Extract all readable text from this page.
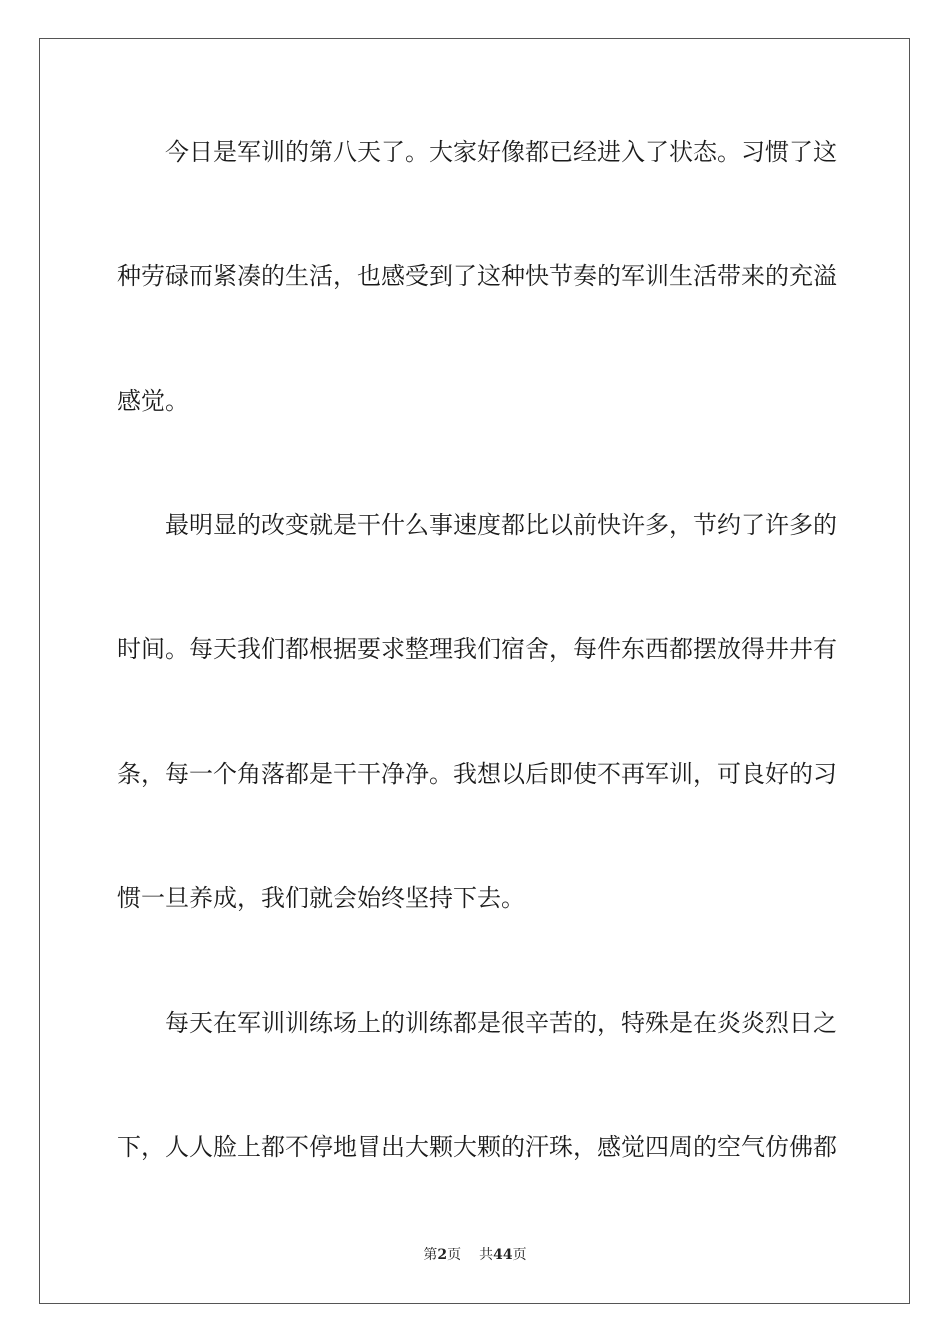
今日是军训的第八天了。大家好像都已经进入了状态。习惯了这
种劳碌而紧凑的生活，也感受到了这种快节奏的军训生活带来的充溢
感觉。
最明显的改变就是干什么事速度都比以前快许多，节约了许多的
时间。每天我们都根据要求整理我们宿舍，每件东西都摆放得井井有
条，每一个角落都是干干净净。我想以后即使不再军训，可良好的习
惯一旦养成，我们就会始终坚持下去。
每天在军训训练场上的训练都是很辛苦的，特殊是在炎炎烈日之
下，人人脸上都不停地冒出大颗大颗的汗珠，感觉四周的空气仿佛都
第2页 共44页
